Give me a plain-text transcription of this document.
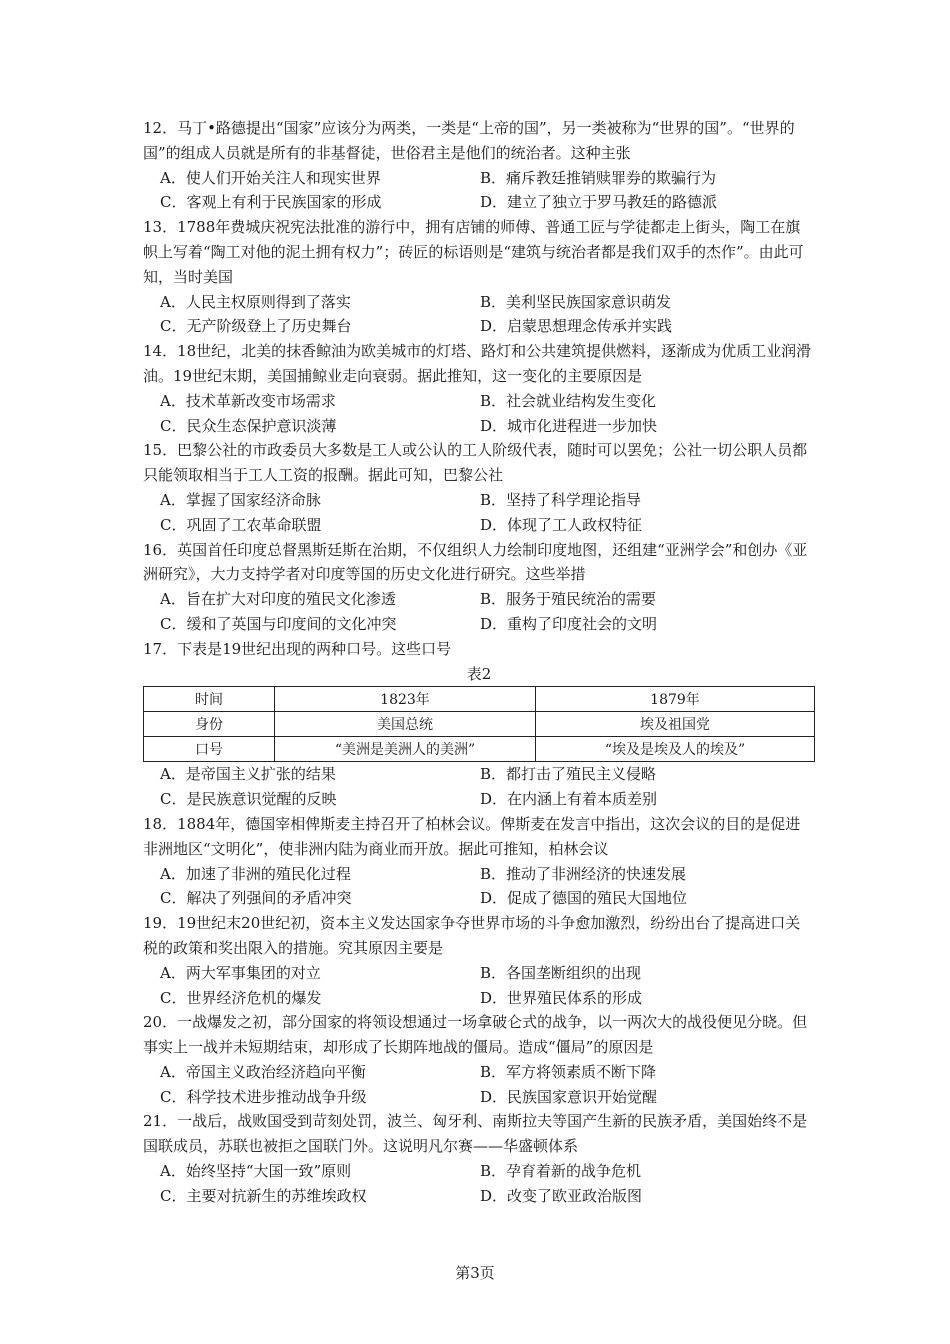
12．马丁•路德提出“国家”应该分为两类，一类是“上帝的国”，另一类被称为“世界的国”。“世界的国”的组成人员就是所有的非基督徒，世俗君主是他们的统治者。这种主张

A．使人们开始关注人和现实世界	B．痛斥教廷推销赎罪券的欺骗行为
C．客观上有利于民族国家的形成	D．建立了独立于罗马教廷的路德派

13．1788年费城庆祝宪法批准的游行中，拥有店铺的师傅、普通工匠与学徒都走上街头，陶工在旗帜上写着“陶工对他的泥土拥有权力”；砖匠的标语则是“建筑与统治者都是我们双手的杰作”。由此可知，当时美国

A．人民主权原则得到了落实	B．美利坚民族国家意识萌发
C．无产阶级登上了历史舞台	D．启蒙思想理念传承并实践

14．18世纪，北美的抹香鲸油为欧美城市的灯塔、路灯和公共建筑提供燃料，逐渐成为优质工业润滑油。19世纪末期，美国捕鲸业走向衰弱。据此推知，这一变化的主要原因是

A．技术革新改变市场需求	B．社会就业结构发生变化
C．民众生态保护意识淡薄	D．城市化进程进一步加快

15．巴黎公社的市政委员大多数是工人或公认的工人阶级代表，随时可以罢免；公社一切公职人员都只能领取相当于工人工资的报酬。据此可知，巴黎公社

A．掌握了国家经济命脉	B．坚持了科学理论指导
C．巩固了工农革命联盟	D．体现了工人政权特征

16．英国首任印度总督黑斯廷斯在治期，不仅组织人力绘制印度地图，还组建“亚洲学会”和创办《亚洲研究》，大力支持学者对印度等国的历史文化进行研究。这些举措

A．旨在扩大对印度的殖民文化渗透	B．服务于殖民统治的需要
C．缓和了英国与印度间的文化冲突	D．重构了印度社会的文明

17．下表是19世纪出现的两种口号。这些口号

表2
时间	1823年	1879年
身份	美国总统	埃及祖国党
口号	“美洲是美洲人的美洲”	“埃及是埃及人的埃及”
A．是帝国主义扩张的结果	B．都打击了殖民主义侵略
C．是民族意识觉醒的反映	D．在内涵上有着本质差别

18．1884年，德国宰相俾斯麦主持召开了柏林会议。俾斯麦在发言中指出，这次会议的目的是促进非洲地区“文明化”，使非洲内陆为商业而开放。据此可推知，柏林会议

A．加速了非洲的殖民化过程	B．推动了非洲经济的快速发展
C．解决了列强间的矛盾冲突	D．促成了德国的殖民大国地位

19．19世纪末20世纪初，资本主义发达国家争夺世界市场的斗争愈加激烈，纷纷出台了提高进口关税的政策和奖出限入的措施。究其原因主要是

A．两大军事集团的对立	B．各国垄断组织的出现
C．世界经济危机的爆发	D．世界殖民体系的形成

20．一战爆发之初，部分国家的将领设想通过一场拿破仑式的战争，以一两次大的战役便见分晓。但事实上一战并未短期结束，却形成了长期阵地战的僵局。造成“僵局”的原因是

A．帝国主义政治经济趋向平衡	B．军方将领素质不断下降
C．科学技术进步推动战争升级	D．民族国家意识开始觉醒

21．一战后，战败国受到苛刻处罚，波兰、匈牙利、南斯拉夫等国产生新的民族矛盾，美国始终不是国联成员，苏联也被拒之国联门外。这说明凡尔赛——华盛顿体系

A．始终坚持“大国一致”原则	B．孕育着新的战争危机
C．主要对抗新生的苏维埃政权	D．改变了欧亚政治版图
第3页
